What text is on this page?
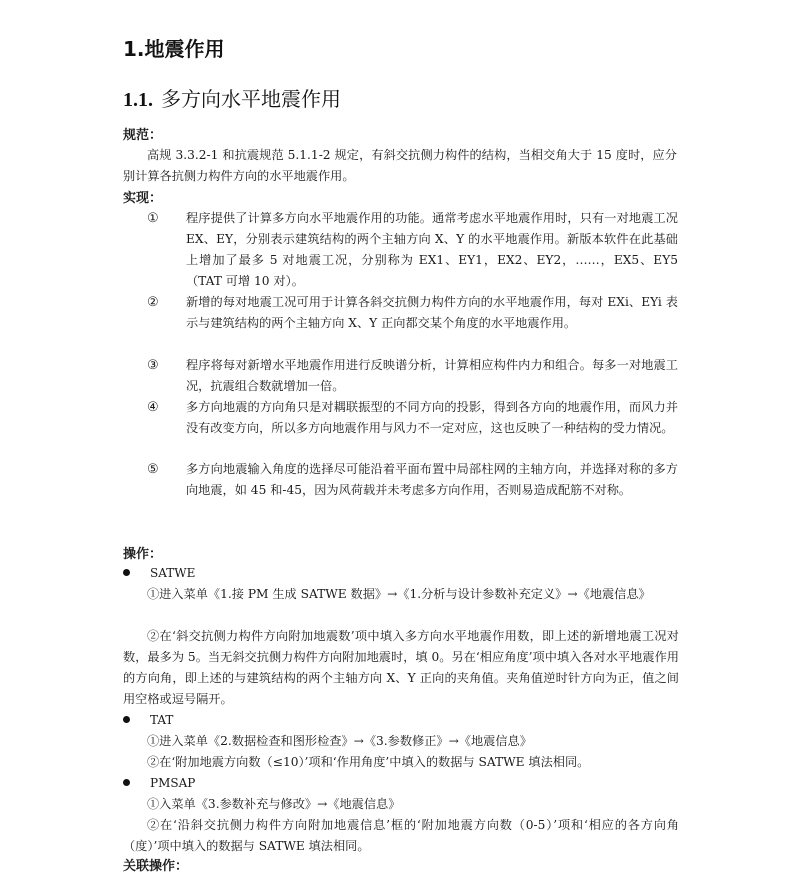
1.地震作用
1.1. 多方向水平地震作用
规范：
高规 3.3.2-1 和抗震规范 5.1.1-2 规定，有斜交抗侧力构件的结构，当相交角大于 15 度时，应分别计算各抗侧力构件方向的水平地震作用。
实现：
① 程序提供了计算多方向水平地震作用的功能。通常考虑水平地震作用时，只有一对地震工况 EX、EY，分别表示建筑结构的两个主轴方向 X、Y 的水平地震作用。新版本软件在此基础上增加了最多 5 对地震工况，分别称为 EX1、EY1，EX2、EY2，……，EX5、EY5（TAT 可增 10 对）。
② 新增的每对地震工况可用于计算各斜交抗侧力构件方向的水平地震作用，每对 EXi、EYi 表示与建筑结构的两个主轴方向 X、Y 正向都交某个角度的水平地震作用。
③ 程序将每对新增水平地震作用进行反映谱分析，计算相应构件内力和组合。每多一对地震工况，抗震组合数就增加一倍。
④ 多方向地震的方向角只是对耦联振型的不同方向的投影，得到各方向的地震作用，而风力并没有改变方向，所以多方向地震作用与风力不一定对应，这也反映了一种结构的受力情况。
⑤ 多方向地震输入角度的选择尽可能沿着平面布置中局部柱网的主轴方向，并选择对称的多方向地震，如 45 和-45，因为风荷载并未考虑多方向作用，否则易造成配筋不对称。
操作：
SATWE
①进入菜单《1.接 PM 生成 SATWE 数据》→《1.分析与设计参数补充定义》→《地震信息》
②在‘斜交抗侧力构件方向附加地震数’项中填入多方向水平地震作用数，即上述的新增地震工况对数，最多为 5。当无斜交抗侧力构件方向附加地震时，填 0。另在‘相应角度’项中填入各对水平地震作用的方向角，即上述的与建筑结构的两个主轴方向 X、Y 正向的夹角值。夹角值逆时针方向为正，值之间用空格或逗号隔开。
TAT
①进入菜单《2.数据检查和图形检查》→《3.参数修正》→《地震信息》
②在‘附加地震方向数（≤10）’项和‘作用角度’中填入的数据与 SATWE 填法相同。
PMSAP
①入菜单《3.参数补充与修改》→《地震信息》
②在‘沿斜交抗侧力构件方向附加地震信息’框的‘附加地震方向数（0-5）’项和‘相应的各方向角（度）’项中填入的数据与 SATWE 填法相同。
关联操作：
